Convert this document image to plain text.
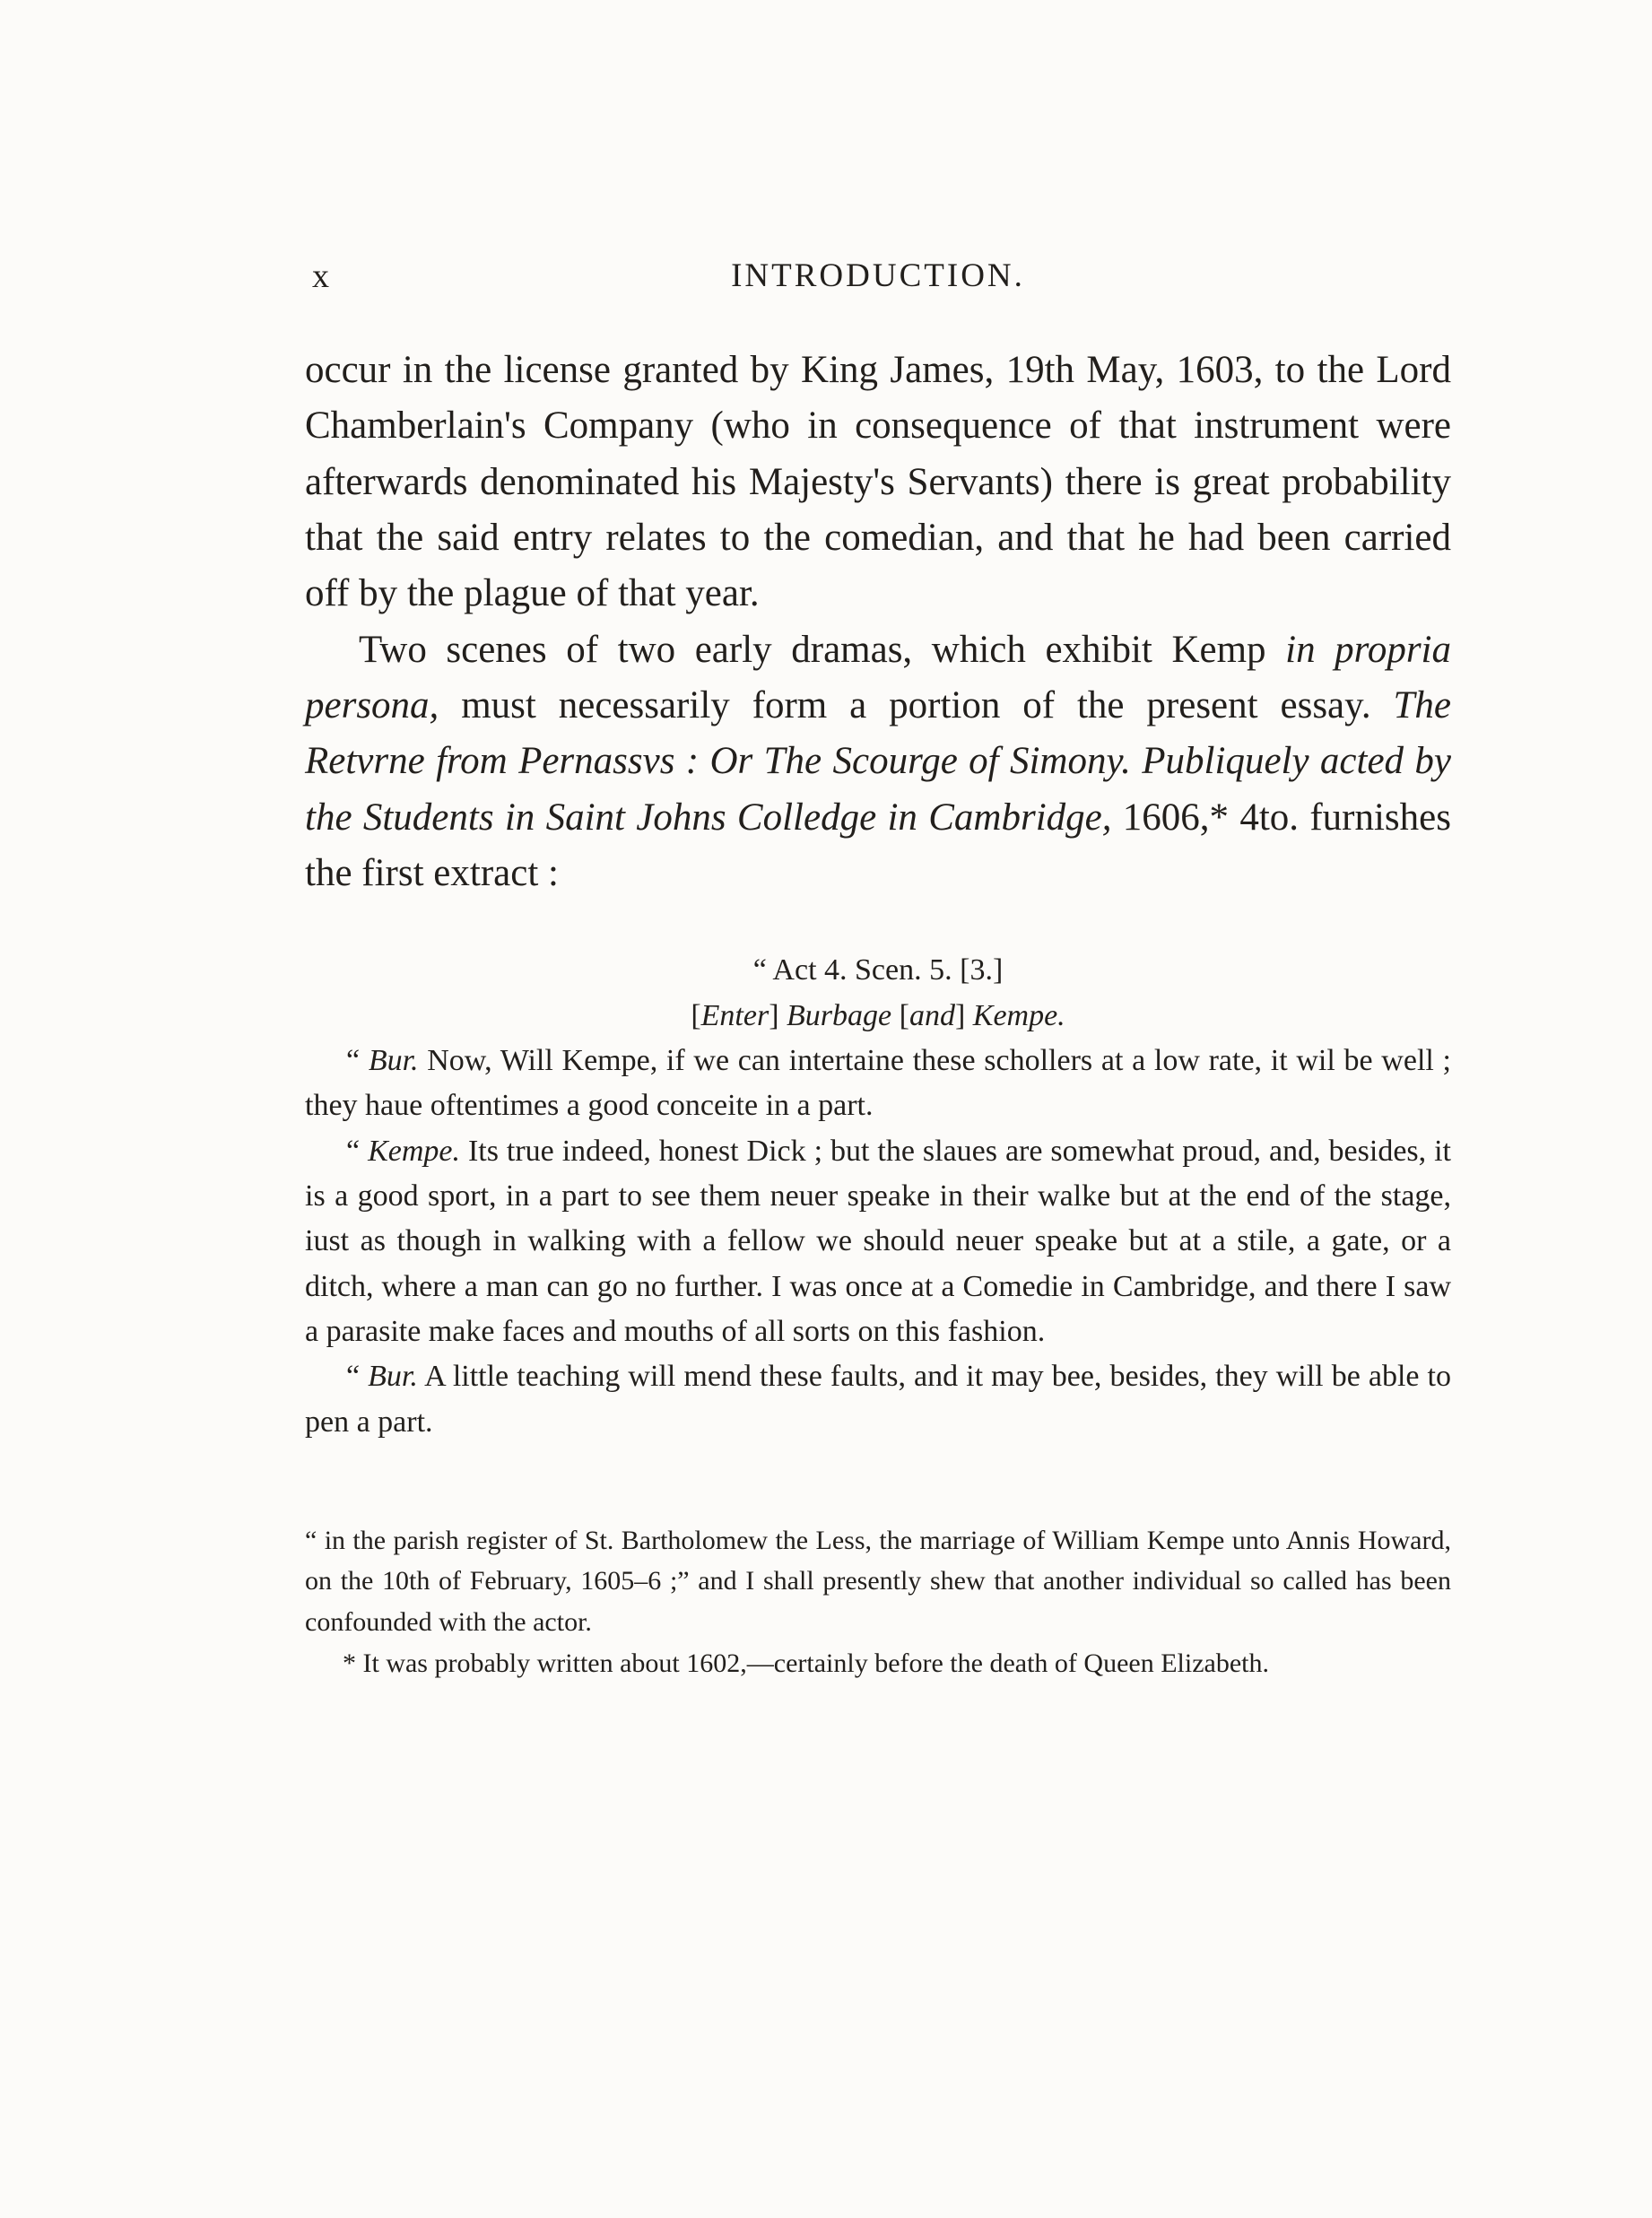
x	INTRODUCTION.

occur in the license granted by King James, 19th May, 1603, to the Lord Chamberlain's Company (who in consequence of that instrument were afterwards denominated his Majesty's Servants) there is great probability that the said entry relates to the comedian, and that he had been carried off by the plague of that year.

Two scenes of two early dramas, which exhibit Kemp in propria persona, must necessarily form a portion of the present essay. The Retvrne from Pernassvs : Or The Scourge of Simony. Publiquely acted by the Students in Saint Johns Colledge in Cambridge, 1606,* 4to. furnishes the first extract :

“ Act 4. Scen. 5. [3.]

[Enter] Burbage [and] Kempe.

“ Bur. Now, Will Kempe, if we can intertaine these schollers at a low rate, it wil be well ; they haue oftentimes a good conceite in a part.

“ Kempe. Its true indeed, honest Dick ; but the slaues are somewhat proud, and, besides, it is a good sport, in a part to see them neuer speake in their walke but at the end of the stage, iust as though in walking with a fellow we should neuer speake but at a stile, a gate, or a ditch, where a man can go no further. I was once at a Comedie in Cambridge, and there I saw a parasite make faces and mouths of all sorts on this fashion.

“ Bur. A little teaching will mend these faults, and it may bee, besides, they will be able to pen a part.

“ in the parish register of St. Bartholomew the Less, the marriage of William Kempe unto Annis Howard, on the 10th of February, 1605–6 ;” and I shall presently shew that another individual so called has been confounded with the actor.

* It was probably written about 1602,—certainly before the death of Queen Elizabeth.
